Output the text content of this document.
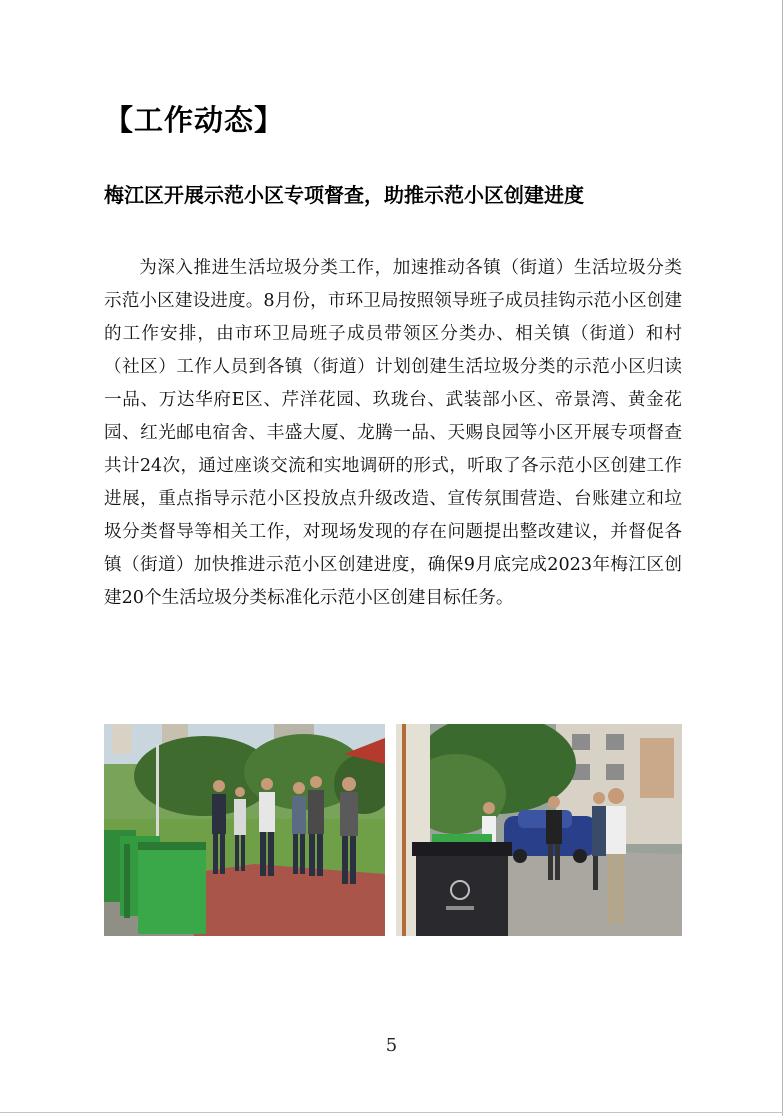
【工作动态】
梅江区开展示范小区专项督查，助推示范小区创建进度
为深入推进生活垃圾分类工作，加速推动各镇（街道）生活垃圾分类示范小区建设进度。8月份，市环卫局按照领导班子成员挂钩示范小区创建的工作安排，由市环卫局班子成员带领区分类办、相关镇（街道）和村（社区）工作人员到各镇（街道）计划创建生活垃圾分类的示范小区归读一品、万达华府E区、芹洋花园、玖珑台、武装部小区、帝景湾、黄金花园、红光邮电宿舍、丰盛大厦、龙腾一品、天赐良园等小区开展专项督查共计24次，通过座谈交流和实地调研的形式，听取了各示范小区创建工作进展，重点指导示范小区投放点升级改造、宣传氛围营造、台账建立和垃圾分类督导等相关工作，对现场发现的存在问题提出整改建议，并督促各镇（街道）加快推进示范小区创建进度，确保9月底完成2023年梅江区创建20个生活垃圾分类标准化示范小区创建目标任务。
5
